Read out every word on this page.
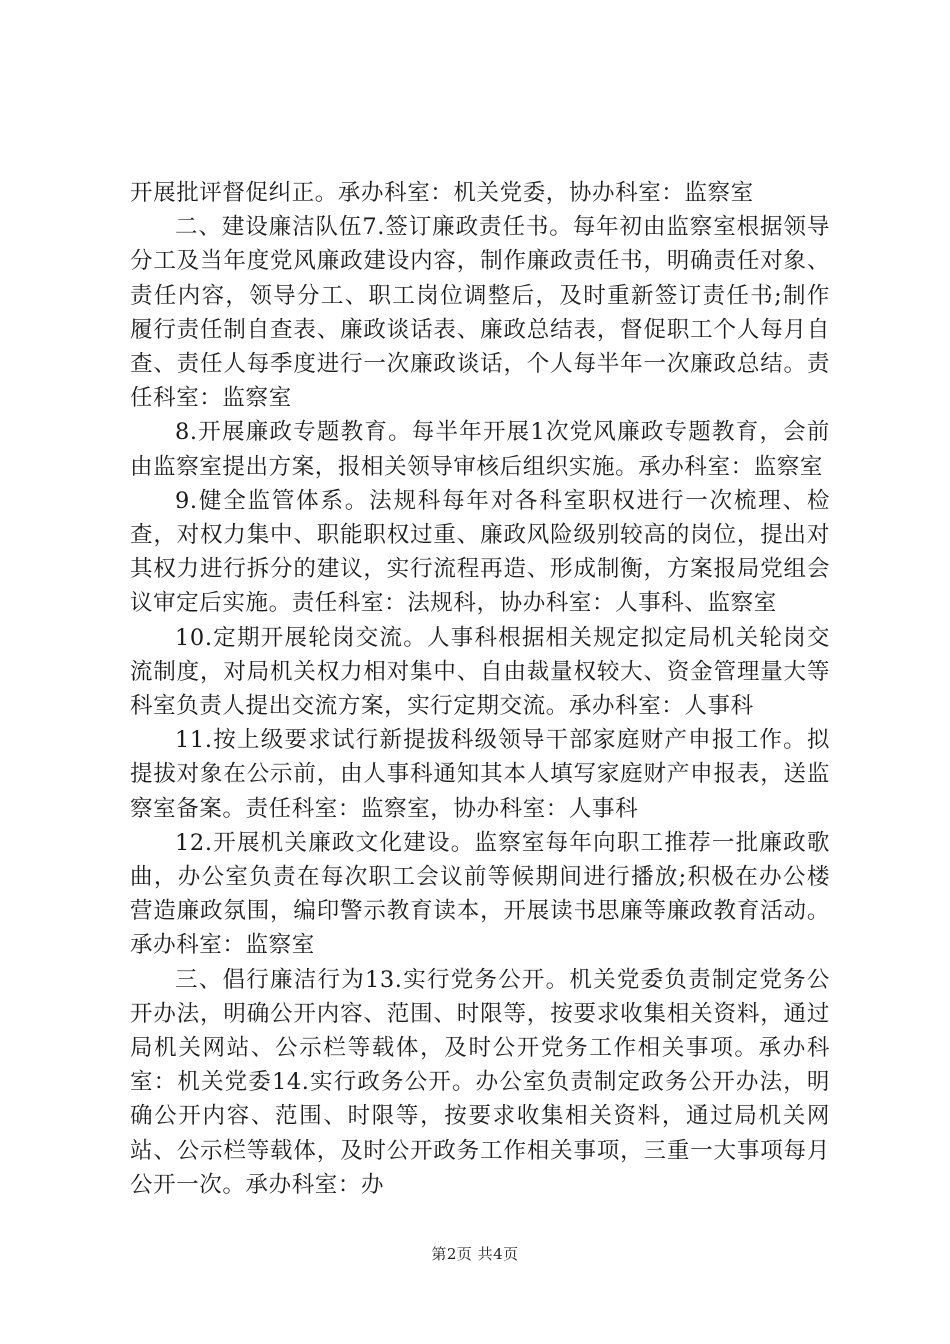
开展批评督促纠正。承办科室：机关党委，协办科室：监察室

二、建设廉洁队伍7.签订廉政责任书。每年初由监察室根据领导分工及当年度党风廉政建设内容，制作廉政责任书，明确责任对象、责任内容，领导分工、职工岗位调整后，及时重新签订责任书;制作履行责任制自查表、廉政谈话表、廉政总结表，督促职工个人每月自查、责任人每季度进行一次廉政谈话，个人每半年一次廉政总结。责任科室：监察室

8.开展廉政专题教育。每半年开展1次党风廉政专题教育，会前由监察室提出方案，报相关领导审核后组织实施。承办科室：监察室

9.健全监管体系。法规科每年对各科室职权进行一次梳理、检查，对权力集中、职能职权过重、廉政风险级别较高的岗位，提出对其权力进行拆分的建议，实行流程再造、形成制衡，方案报局党组会议审定后实施。责任科室：法规科，协办科室：人事科、监察室

10.定期开展轮岗交流。人事科根据相关规定拟定局机关轮岗交流制度，对局机关权力相对集中、自由裁量权较大、资金管理量大等科室负责人提出交流方案，实行定期交流。承办科室：人事科

11.按上级要求试行新提拔科级领导干部家庭财产申报工作。拟提拔对象在公示前，由人事科通知其本人填写家庭财产申报表，送监察室备案。责任科室：监察室，协办科室：人事科

12.开展机关廉政文化建设。监察室每年向职工推荐一批廉政歌曲，办公室负责在每次职工会议前等候期间进行播放;积极在办公楼营造廉政氛围，编印警示教育读本，开展读书思廉等廉政教育活动。承办科室：监察室

三、倡行廉洁行为13.实行党务公开。机关党委负责制定党务公开办法，明确公开内容、范围、时限等，按要求收集相关资料，通过局机关网站、公示栏等载体，及时公开党务工作相关事项。承办科室：机关党委14.实行政务公开。办公室负责制定政务公开办法，明确公开内容、范围、时限等，按要求收集相关资料，通过局机关网站、公示栏等载体，及时公开政务工作相关事项，三重一大事项每月公开一次。承办科室：办

第2页 共4页
